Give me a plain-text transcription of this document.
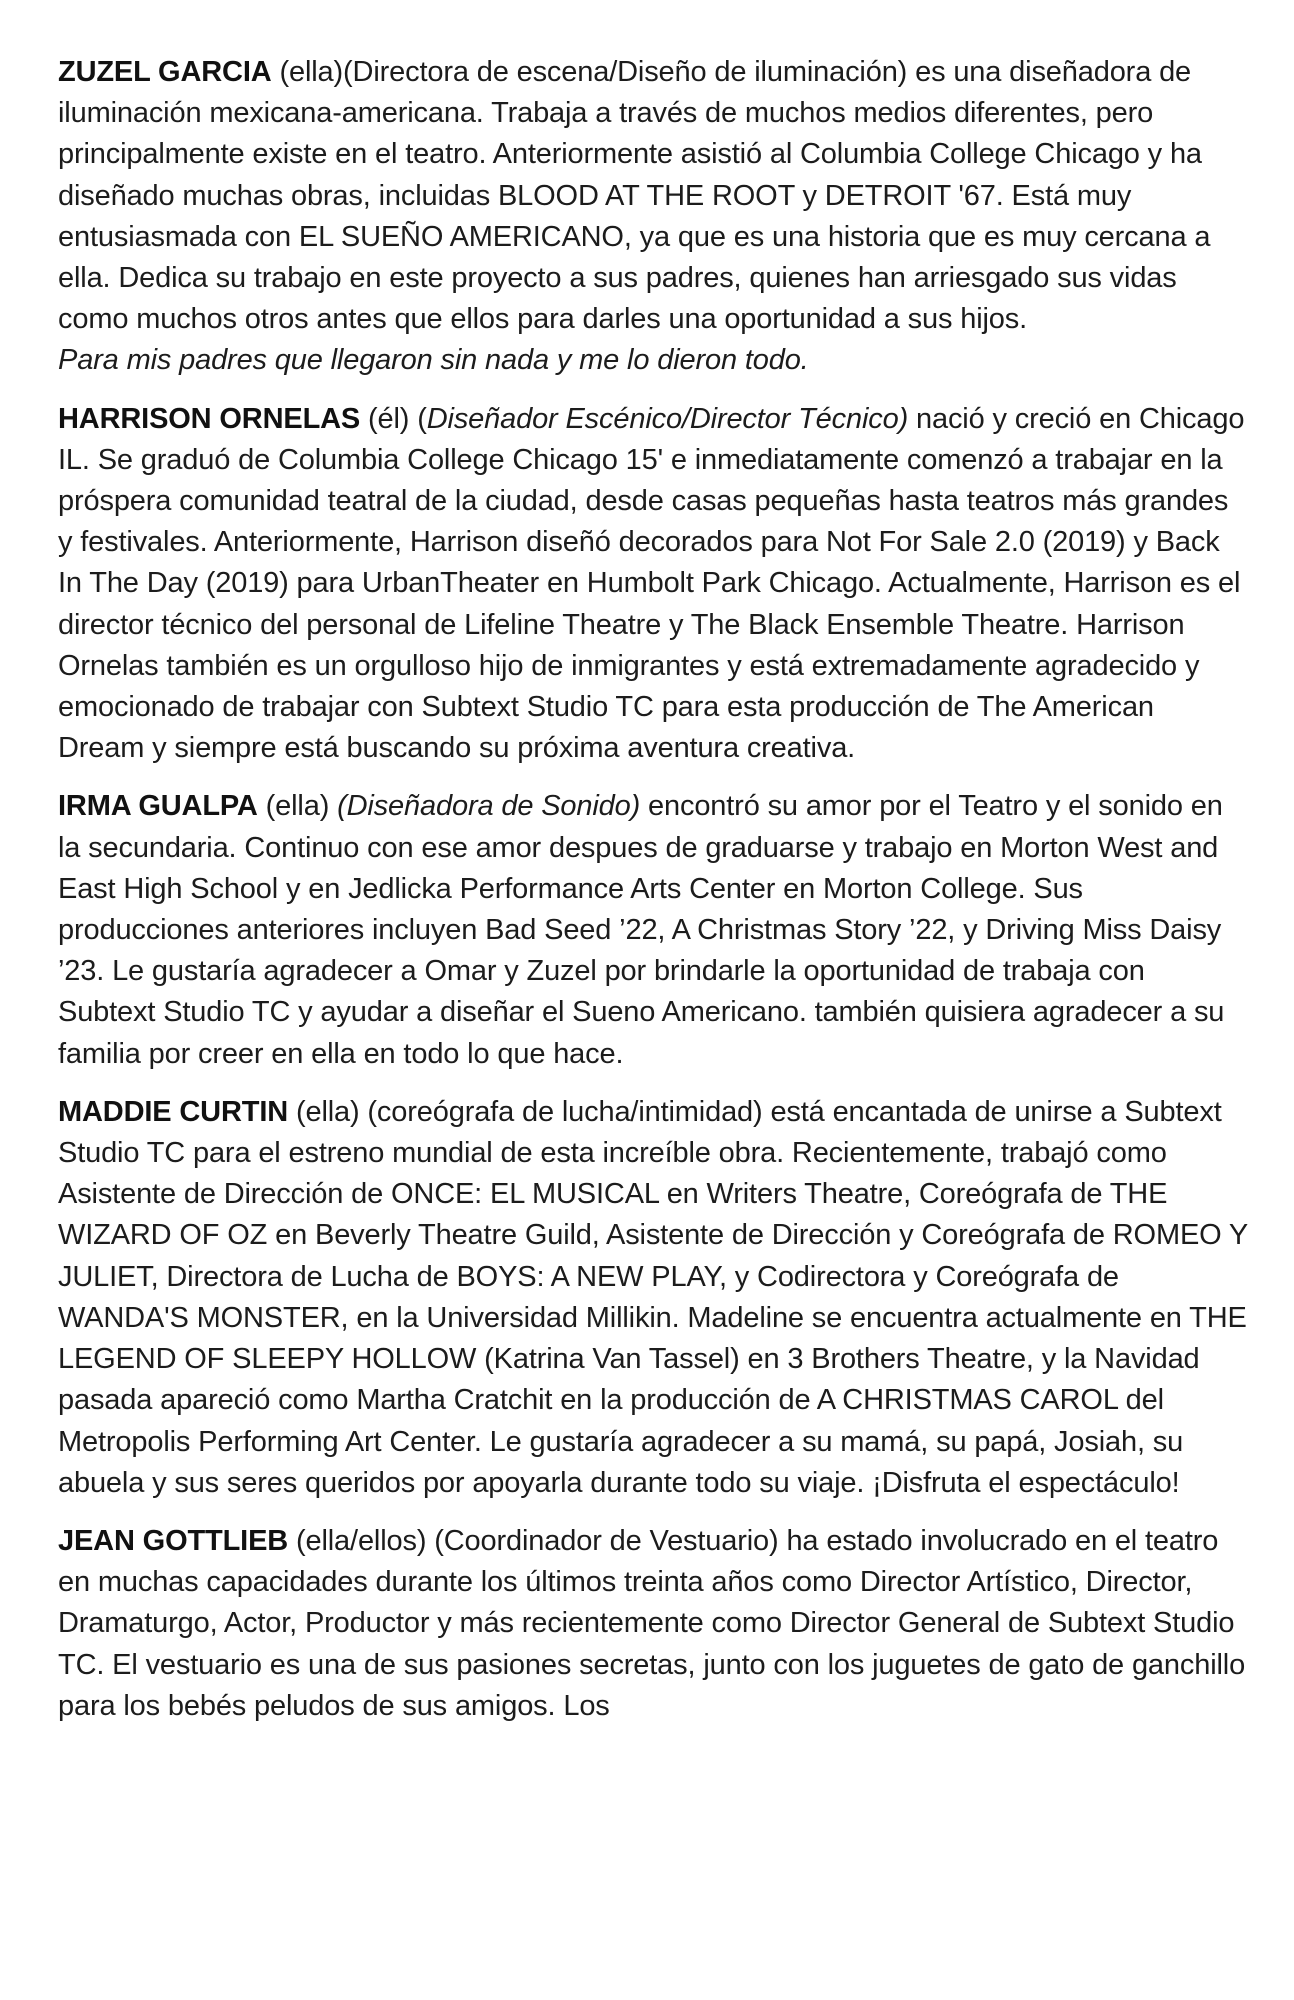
ZUZEL GARCIA (ella)(Directora de escena/Diseño de iluminación) es una diseñadora de iluminación mexicana-americana. Trabaja a través de muchos medios diferentes, pero principalmente existe en el teatro. Anteriormente asistió al Columbia College Chicago y ha diseñado muchas obras, incluidas BLOOD AT THE ROOT y DETROIT '67. Está muy entusiasmada con EL SUEÑO AMERICANO, ya que es una historia que es muy cercana a ella. Dedica su trabajo en este proyecto a sus padres, quienes han arriesgado sus vidas como muchos otros antes que ellos para darles una oportunidad a sus hijos.
Para mis padres que llegaron sin nada y me lo dieron todo.

HARRISON ORNELAS (él) (Diseñador Escénico/Director Técnico) nació y creció en Chicago IL. Se graduó de Columbia College Chicago 15' e inmediatamente comenzó a trabajar en la próspera comunidad teatral de la ciudad, desde casas pequeñas hasta teatros más grandes y festivales. Anteriormente, Harrison diseñó decorados para Not For Sale 2.0 (2019) y Back In The Day (2019) para UrbanTheater en Humbolt Park Chicago. Actualmente, Harrison es el director técnico del personal de Lifeline Theatre y The Black Ensemble Theatre. Harrison Ornelas también es un orgulloso hijo de inmigrantes y está extremadamente agradecido y emocionado de trabajar con Subtext Studio TC para esta producción de The American Dream y siempre está buscando su próxima aventura creativa.

IRMA GUALPA (ella) (Diseñadora de Sonido) encontró su amor por el Teatro y el sonido en la secundaria. Continuo con ese amor despues de graduarse y trabajo en Morton West and East High School y en Jedlicka Performance Arts Center en Morton College. Sus producciones anteriores incluyen Bad Seed ’22, A Christmas Story ’22, y Driving Miss Daisy ’23. Le gustaría agradecer a Omar y Zuzel por brindarle la oportunidad de trabaja con Subtext Studio TC y ayudar a diseñar el Sueno Americano. también quisiera agradecer a su familia por creer en ella en todo lo que hace.

MADDIE CURTIN (ella) (coreógrafa de lucha/intimidad) está encantada de unirse a Subtext Studio TC para el estreno mundial de esta increíble obra. Recientemente, trabajó como Asistente de Dirección de ONCE: EL MUSICAL en Writers Theatre, Coreógrafa de THE WIZARD OF OZ en Beverly Theatre Guild, Asistente de Dirección y Coreógrafa de ROMEO Y JULIET, Directora de Lucha de BOYS: A NEW PLAY, y Codirectora y Coreógrafa de WANDA'S MONSTER, en la Universidad Millikin. Madeline se encuentra actualmente en THE LEGEND OF SLEEPY HOLLOW (Katrina Van Tassel) en 3 Brothers Theatre, y la Navidad pasada apareció como Martha Cratchit en la producción de A CHRISTMAS CAROL del Metropolis Performing Art Center. Le gustaría agradecer a su mamá, su papá, Josiah, su abuela y sus seres queridos por apoyarla durante todo su viaje. ¡Disfruta el espectáculo!

JEAN GOTTLIEB (ella/ellos) (Coordinador de Vestuario) ha estado involucrado en el teatro en muchas capacidades durante los últimos treinta años como Director Artístico, Director, Dramaturgo, Actor, Productor y más recientemente como Director General de Subtext Studio TC. El vestuario es una de sus pasiones secretas, junto con los juguetes de gato de ganchillo para los bebés peludos de sus amigos. Los
